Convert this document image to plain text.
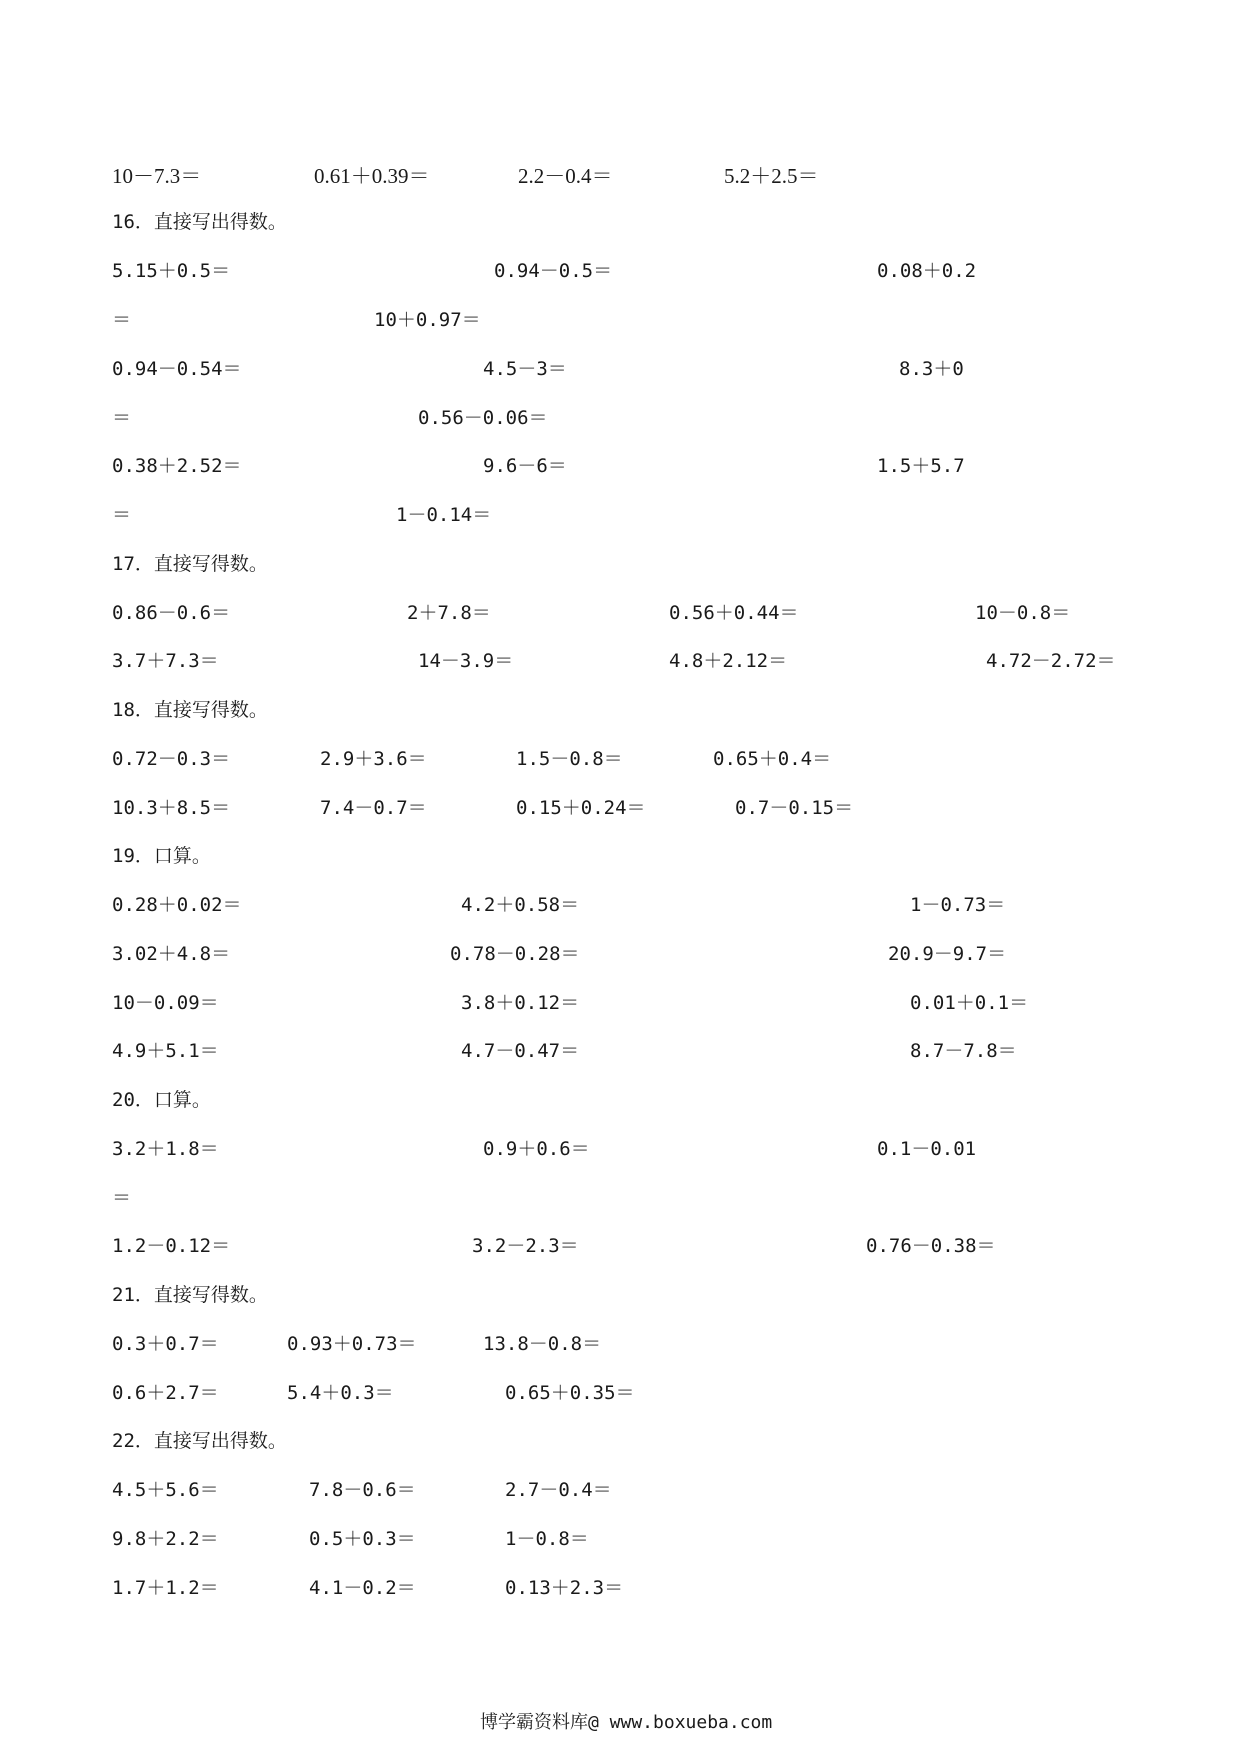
10－7.3＝	0.61＋0.39＝	2.2－0.4＝	5.2＋2.5＝
16．直接写出得数。
5.15＋0.5＝	0.94－0.5＝	0.08＋0.2
＝	10＋0.97＝
0.94－0.54＝	4.5－3＝	8.3＋0
＝	0.56－0.06＝
0.38＋2.52＝	9.6－6＝	1.5＋5.7
＝	1－0.14＝
17．直接写得数。
0.86－0.6＝	2＋7.8＝	0.56＋0.44＝	10－0.8＝
3.7＋7.3＝	14－3.9＝	4.8＋2.12＝	4.72－2.72＝
18．直接写得数。
0.72－0.3＝	2.9＋3.6＝	1.5－0.8＝	0.65＋0.4＝
10.3＋8.5＝	7.4－0.7＝	0.15＋0.24＝	0.7－0.15＝
19．口算。
0.28＋0.02＝	4.2＋0.58＝	1－0.73＝
3.02＋4.8＝	0.78－0.28＝	20.9－9.7＝
10－0.09＝	3.8＋0.12＝	0.01＋0.1＝
4.9＋5.1＝	4.7－0.47＝	8.7－7.8＝
20．口算。
3.2＋1.8＝	0.9＋0.6＝	0.1－0.01
＝
1.2－0.12＝	3.2－2.3＝	0.76－0.38＝
21．直接写得数。
0.3＋0.7＝	0.93＋0.73＝	13.8－0.8＝
0.6＋2.7＝	5.4＋0.3＝	0.65＋0.35＝
22．直接写出得数。
4.5＋5.6＝	7.8－0.6＝	2.7－0.4＝
9.8＋2.2＝	0.5＋0.3＝	1－0.8＝
1.7＋1.2＝	4.1－0.2＝	0.13＋2.3＝
博学霸资料库@ www.boxueba.com
